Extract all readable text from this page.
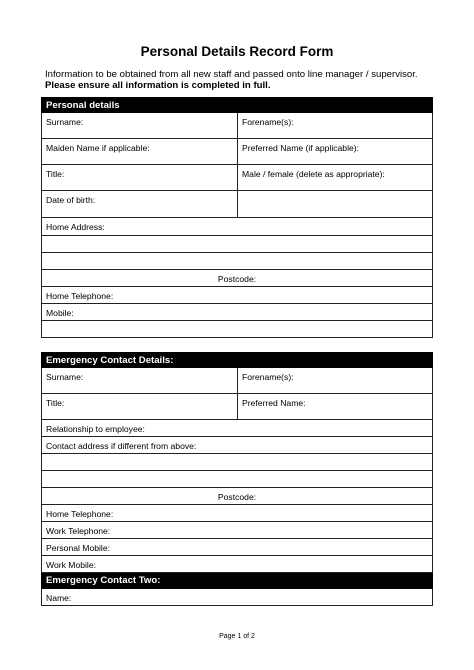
Personal Details Record Form
Information to be obtained from all new staff and passed onto line manager / supervisor.
Please ensure all information is completed in full.
Personal details
Surname:	Forename(s):
Maiden Name if applicable:	Preferred Name (if applicable):
Title:	Male / female (delete as appropriate):
Date of birth:
Home Address:
Postcode:
Home Telephone:
Mobile:
Emergency Contact Details:
Surname:	Forename(s):
Title:	Preferred Name:
Relationship to employee:
Contact address if different from above:
Postcode:
Home Telephone:
Work Telephone:
Personal Mobile:
Work Mobile:
Emergency Contact Two:
Name:
Page 1 of 2
